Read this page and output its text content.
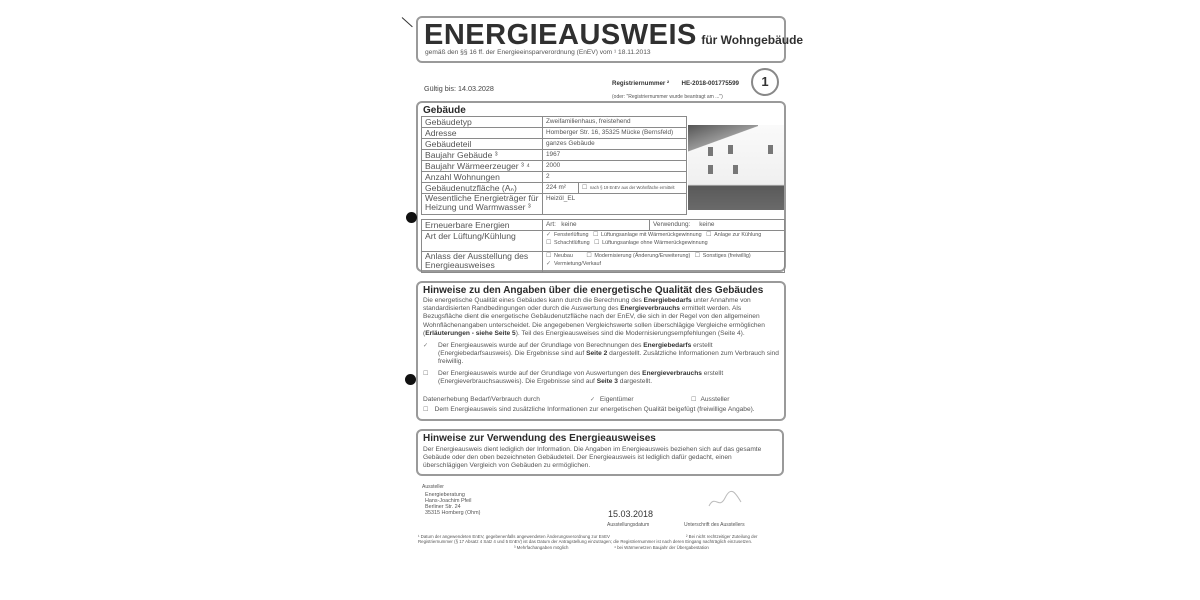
ENERGIEAUSWEIS für Wohngebäude
gemäß den §§ 16 ff. der Energieeinsparverordnung (EnEV) vom ¹ 18.11.2013
Gültig bis: 14.03.2028
Registriernummer ² HE-2018-001775599
(oder: "Registriernummer wurde beantragt am ...")
1
Gebäude
Gebäudetyp	Zweifamilienhaus, freistehend
Adresse	Homberger Str. 16, 35325 Mücke (Bernsfeld)
Gebäudeteil	ganzes Gebäude
Baujahr Gebäude ³	1967
Baujahr Wärmeerzeuger ³ ⁴	2000
Anzahl Wohnungen	2
Gebäudenutzfläche (Aₙ)	224 m² ☐ nach § 19 EnEV aus der Wohnfläche ermittelt
Wesentliche Energieträger für Heizung und Warmwasser ³	Heizöl_EL
Erneuerbare Energien	Art: keine	Verwendung: keine
Art der Lüftung/Kühlung	✓ Fensterlüftung ☐ Lüftungsanlage mit Wärmerückgewinnung ☐ Anlage zur Kühlung
☐ Schachtlüftung ☐ Lüftungsanlage ohne Wärmerückgewinnung	
Anlass der Ausstellung des Energieausweises	☐ Neubau ☐ Modernisierung (Änderung/Erweiterung) ☐ Sonstiges (freiwillig)
✓ Vermietung/Verkauf	
Hinweise zu den Angaben über die energetische Qualität des Gebäudes
Die energetische Qualität eines Gebäudes kann durch die Berechnung des Energiebedarfs unter Annahme von standardisierten Randbedingungen oder durch die Auswertung des Energieverbrauchs ermittelt werden. Als Bezugsfläche dient die energetische Gebäudenutzfläche nach der EnEV, die sich in der Regel von den allgemeinen Wohnflächenangaben unterscheidet. Die angegebenen Vergleichswerte sollen überschlägige Vergleiche ermöglichen (Erläuterungen - siehe Seite 5). Teil des Energieausweises sind die Modernisierungsempfehlungen (Seite 4).
✓	Der Energieausweis wurde auf der Grundlage von Berechnungen des Energiebedarfs erstellt (Energiebedarfsausweis). Die Ergebnisse sind auf Seite 2 dargestellt. Zusätzliche Informationen zum Verbrauch sind freiwillig.
☐	Der Energieausweis wurde auf der Grundlage von Auswertungen des Energieverbrauchs erstellt (Energieverbrauchsausweis). Die Ergebnisse sind auf Seite 3 dargestellt.
Datenerhebung Bedarf/Verbrauch durch	✓ Eigentümer	☐ Aussteller
☐ Dem Energieausweis sind zusätzliche Informationen zur energetischen Qualität beigefügt (freiwillige Angabe).
Hinweise zur Verwendung des Energieausweises
Der Energieausweis dient lediglich der Information. Die Angaben im Energieausweis beziehen sich auf das gesamte Gebäude oder den oben bezeichneten Gebäudeteil. Der Energieausweis ist lediglich dafür gedacht, einen überschlägigen Vergleich von Gebäuden zu ermöglichen.
Aussteller
Energieberatung
Hans-Joachim Pfeil
Berliner Str. 24
35315 Homberg (Ohm)	15.03.2018
Ausstellungsdatum	Unterschrift des Ausstellers
¹ Datum der angewendeten EnEV, gegebenenfalls angewendeten Änderungsverordnung zur EnEV	² Bei nicht rechtzeitiger Zuteilung der Registriernummer (§ 17 Absatz 4 Satz 4 und 5 EnEV) ist das Datum der Antragstellung einzutragen; die Registriernummer ist nach deren Eingang nachträglich einzusetzen.
³ Mehrfachangaben möglich	⁴ bei Wärmenetzen Baujahr der Übergabestation
